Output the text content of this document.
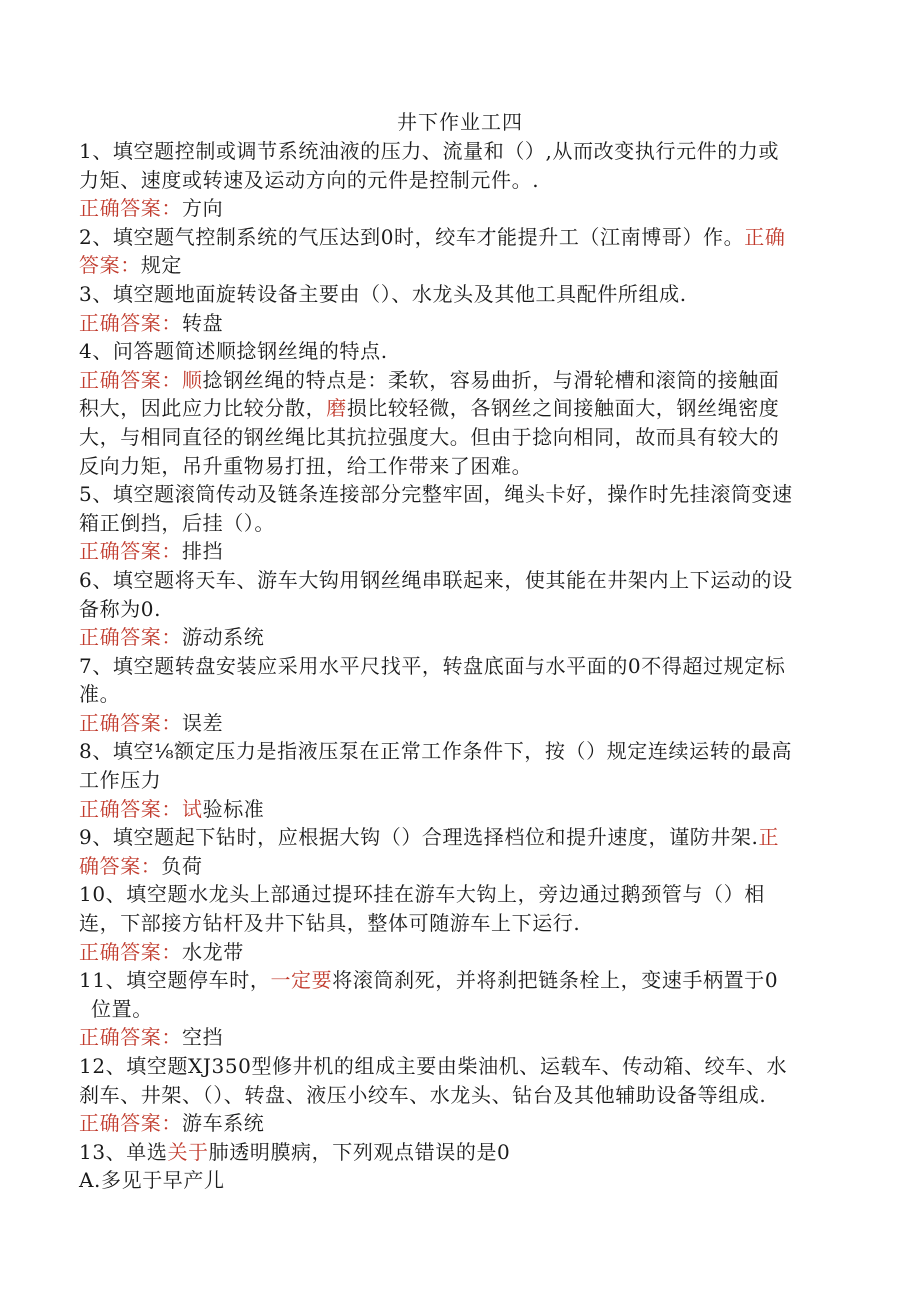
井下作业工四
1、填空题控制或调节系统油液的压力、流量和（）,从而改变执行元件的力或
力矩、速度或转速及运动方向的元件是控制元件。.
正确答案：方向
2、填空题气控制系统的气压达到0时，绞车才能提升工（江南博哥）作。正确
答案：规定
3、填空题地面旋转设备主要由（）、水龙头及其他工具配件所组成.
正确答案：转盘
4、问答题简述顺捻钢丝绳的特点.
正确答案：顺捻钢丝绳的特点是：柔软，容易曲折，与滑轮槽和滚筒的接触面
积大，因此应力比较分散，磨损比较轻微，各钢丝之间接触面大，钢丝绳密度
大，与相同直径的钢丝绳比其抗拉强度大。但由于捻向相同，故而具有较大的
反向力矩，吊升重物易打扭，给工作带来了困难。
5、填空题滚筒传动及链条连接部分完整牢固，绳头卡好，操作时先挂滚筒变速
箱正倒挡，后挂（）。
正确答案：排挡
6、填空题将天车、游车大钩用钢丝绳串联起来，使其能在井架内上下运动的设
备称为0.
正确答案：游动系统
7、填空题转盘安装应采用水平尺找平，转盘底面与水平面的0不得超过规定标
准。
正确答案：误差
8、填空⅛额定压力是指液压泵在正常工作条件下，按（）规定连续运转的最高
工作压力
正确答案：试验标准
9、填空题起下钻时，应根据大钩（）合理选择档位和提升速度，谨防井架.正
确答案：负荷
10、填空题水龙头上部通过提环挂在游车大钩上，旁边通过鹅颈管与（）相
连，下部接方钻杆及井下钻具，整体可随游车上下运行.
正确答案：水龙带
11、填空题停车时，一定要将滚筒刹死，并将刹把链条栓上，变速手柄置于0
位置。
正确答案：空挡
12、填空题XJ350型修井机的组成主要由柴油机、运载车、传动箱、绞车、水
刹车、井架、（）、转盘、液压小绞车、水龙头、钻台及其他辅助设备等组成.
正确答案：游车系统
13、单选关于肺透明膜病，下列观点错误的是0
A.多见于早产儿
